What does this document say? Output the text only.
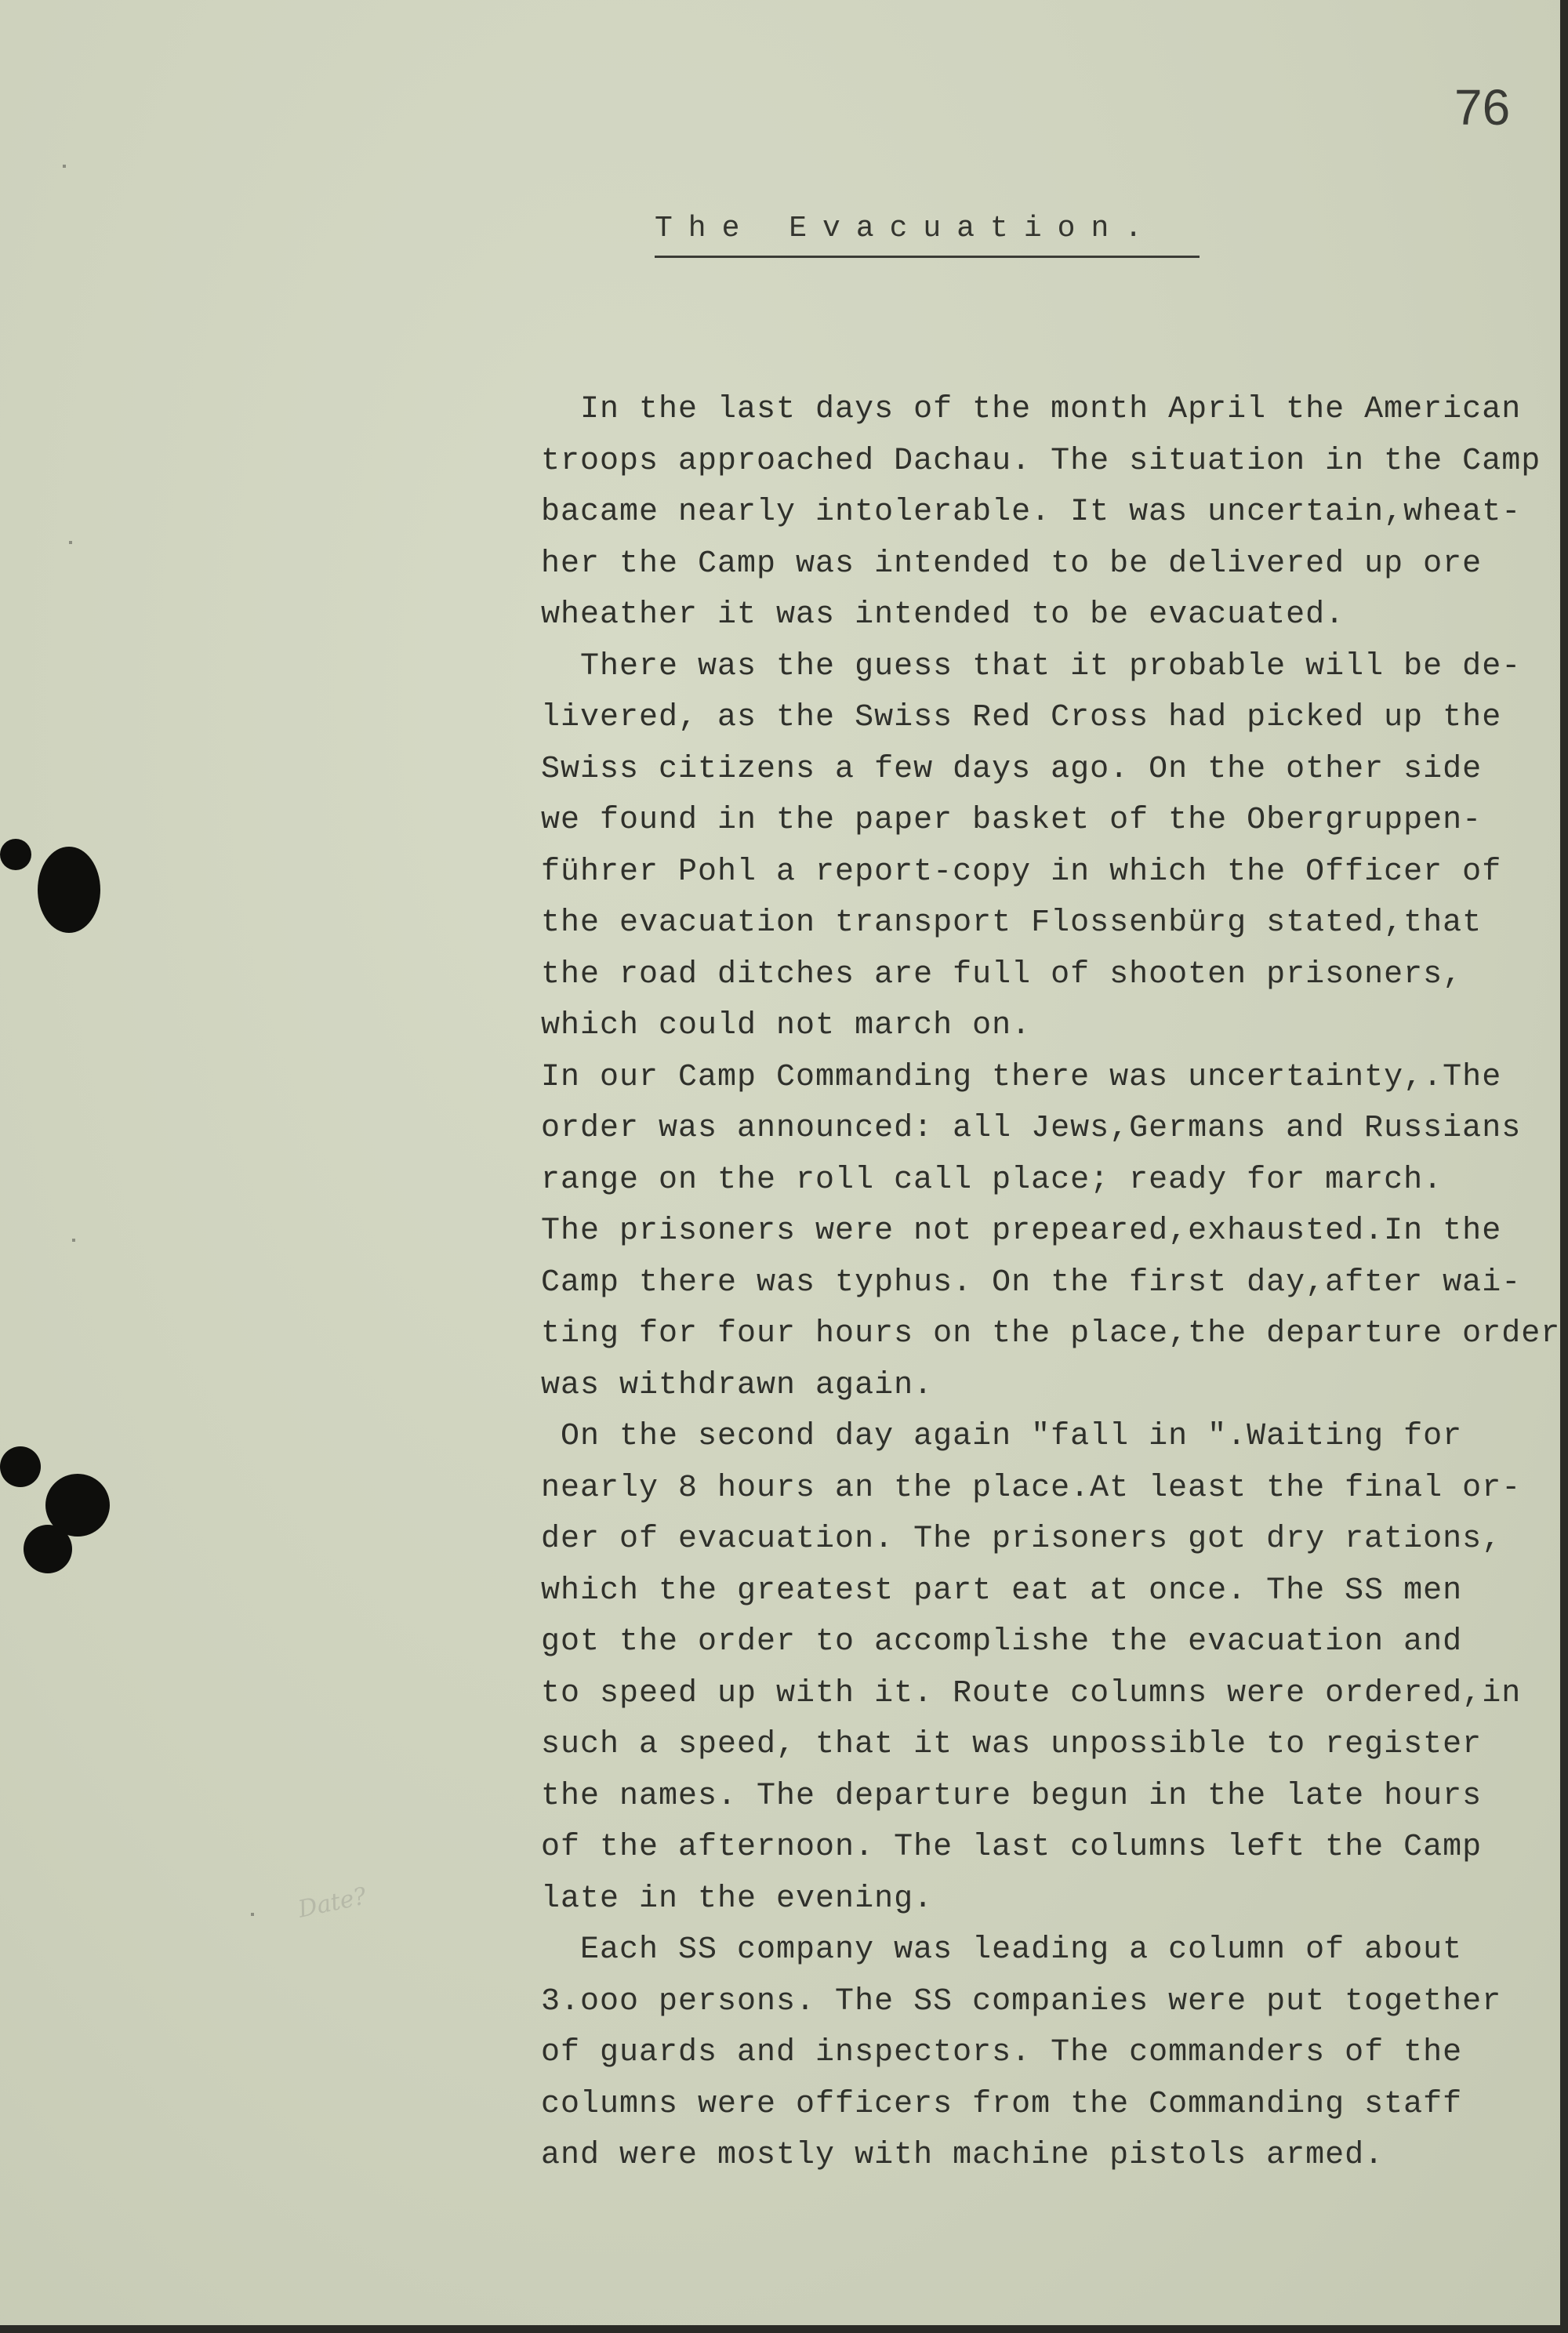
76
The Evacuation.
In the last days of the month April the American
troops approached Dachau. The situation in the Camp
bacame nearly intolerable. It was uncertain,wheat-
her the Camp was intended to be delivered up ore
wheather it was intended to be evacuated.
There was the guess that it probable will be de-
livered, as the Swiss Red Cross had picked up the
Swiss citizens a few days ago. On the other side
we found in the paper basket of the Obergruppen-
führer Pohl a report-copy in which the Officer of
the evacuation transport Flossenbürg stated,that
the road ditches are full of shooten prisoners,
which could not march on.
In our Camp Commanding there was uncertainty,.The
order was announced: all Jews,Germans and Russians
range on the roll call place; ready for march.
The prisoners were not prepeared,exhausted.In the
Camp there was typhus. On the first day,after wai-
ting for four hours on the place,the departure order
was withdrawn again.
On the second day again "fall in ".Waiting for
nearly 8 hours an the place.At least the final or-
der of evacuation. The prisoners got dry rations,
which the greatest part eat at once. The SS men
got the order to accomplishe the evacuation and
to speed up with it. Route columns were ordered,in
such a speed, that it was unpossible to register
the names. The departure begun in the late hours
of the afternoon. The last columns left the Camp
late in the evening.
Each SS company was leading a column of about
3.ooo persons. The SS companies were put together
of guards and inspectors. The commanders of the
columns were officers from the Commanding staff
and were mostly with machine pistols armed.
Date?
